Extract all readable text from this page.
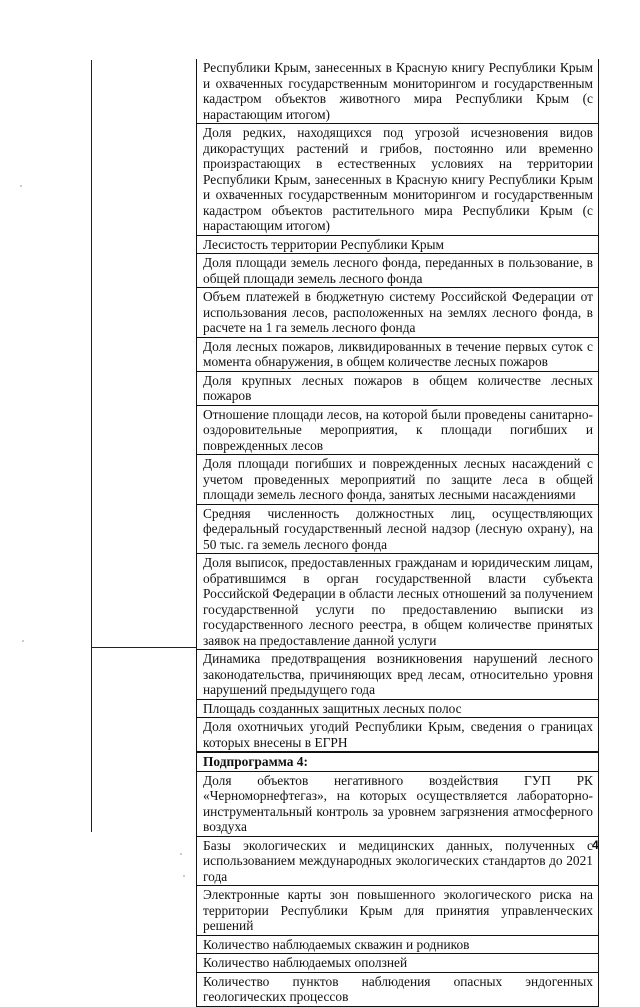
Республики Крым, занесенных в Красную книгу Республики Крым и охваченных государственным мониторингом и государственным кадастром объектов животного мира Республики Крым (с нарастающим итогом)
Доля редких, находящихся под угрозой исчезновения видов дикорастущих растений и грибов, постоянно или временно произрастающих в естественных условиях на территории Республики Крым, занесенных в Красную книгу Республики Крым и охваченных государственным мониторингом и государственным кадастром объектов растительного мира Республики Крым (с нарастающим итогом)
Лесистость территории Республики Крым
Доля площади земель лесного фонда, переданных в пользование, в общей площади земель лесного фонда
Объем платежей в бюджетную систему Российской Федерации от использования лесов, расположенных на землях лесного фонда, в расчете на 1 га земель лесного фонда
Доля лесных пожаров, ликвидированных в течение первых суток с момента обнаружения, в общем количестве лесных пожаров
Доля крупных лесных пожаров в общем количестве лесных пожаров
Отношение площади лесов, на которой были проведены санитарно-оздоровительные мероприятия, к площади погибших и поврежденных лесов
Доля площади погибших и поврежденных лесных насаждений с учетом проведенных мероприятий по защите леса в общей площади земель лесного фонда, занятых лесными насаждениями
Средняя численность должностных лиц, осуществляющих федеральный государственный лесной надзор (лесную охрану), на 50 тыс. га земель лесного фонда
Доля выписок, предоставленных гражданам и юридическим лицам, обратившимся в орган государственной власти субъекта Российской Федерации в области лесных отношений за получением государственной услуги по предоставлению выписки из государственного лесного реестра, в общем количестве принятых заявок на предоставление данной услуги
Динамика предотвращения возникновения нарушений лесного законодательства, причиняющих вред лесам, относительно уровня нарушений предыдущего года
Площадь созданных защитных лесных полос
Доля охотничьих угодий Республики Крым, сведения о границах которых внесены в ЕГРН
Подпрограмма 4:
Доля объектов негативного воздействия ГУП РК «Черноморнефтегаз», на которых осуществляется лабораторно-инструментальный контроль за уровнем загрязнения атмосферного воздуха
Базы экологических и медицинских данных, полученных с использованием международных экологических стандартов до 2021 года
Электронные карты зон повышенного экологического риска на территории Республики Крым для принятия управленческих решений
Количество наблюдаемых скважин и родников
Количество наблюдаемых оползней
Количество пунктов наблюдения опасных эндогенных геологических процессов
4
